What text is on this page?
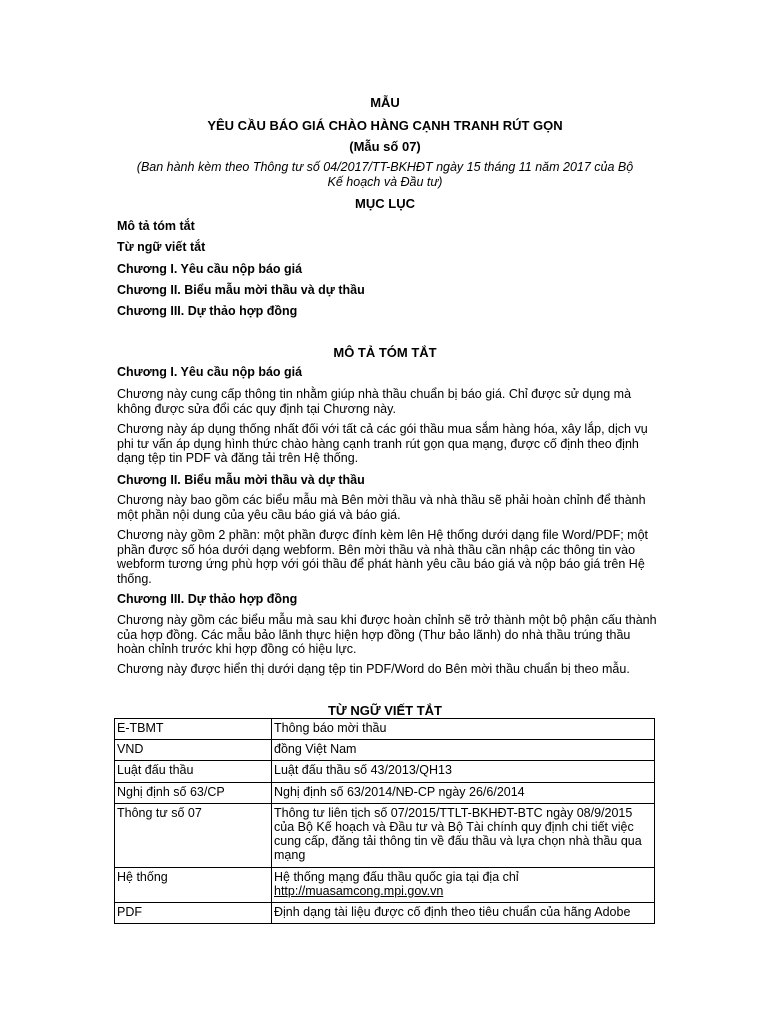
MẪU
YÊU CẦU BÁO GIÁ CHÀO HÀNG CẠNH TRANH RÚT GỌN
(Mẫu số 07)
(Ban hành kèm theo Thông tư số 04/2017/TT-BKHĐT ngày 15 tháng 11 năm 2017 của Bộ
Kế hoạch và Đầu tư)
MỤC LỤC
Mô tả tóm tắt
Từ ngữ viết tắt
Chương I. Yêu cầu nộp báo giá
Chương II. Biểu mẫu mời thầu và dự thầu
Chương III. Dự thảo hợp đồng
MÔ TẢ TÓM TẮT
Chương I. Yêu cầu nộp báo giá
Chương này cung cấp thông tin nhằm giúp nhà thầu chuẩn bị báo giá. Chỉ được sử dụng mà không được sửa đổi các quy định tại Chương này.
Chương này áp dụng thống nhất đối với tất cả các gói thầu mua sắm hàng hóa, xây lắp, dịch vụ phi tư vấn áp dụng hình thức chào hàng cạnh tranh rút gọn qua mạng, được cố định theo định dạng tệp tin PDF và đăng tải trên Hệ thống.
Chương II. Biểu mẫu mời thầu và dự thầu
Chương này bao gồm các biểu mẫu mà Bên mời thầu và nhà thầu sẽ phải hoàn chỉnh để thành một phần nội dung của yêu cầu báo giá và báo giá.
Chương này gồm 2 phần: một phần được đính kèm lên Hệ thống dưới dạng file Word/PDF; một phần được số hóa dưới dạng webform. Bên mời thầu và nhà thầu cần nhập các thông tin vào webform tương ứng phù hợp với gói thầu để phát hành yêu cầu báo giá và nộp báo giá trên Hệ thống.
Chương III. Dự thảo hợp đồng
Chương này gồm các biểu mẫu mà sau khi được hoàn chỉnh sẽ trở thành một bộ phận cấu thành của hợp đồng. Các mẫu bảo lãnh thực hiện hợp đồng (Thư bảo lãnh) do nhà thầu trúng thầu hoàn chỉnh trước khi hợp đồng có hiệu lực.
Chương này được hiển thị dưới dạng tệp tin PDF/Word do Bên mời thầu chuẩn bị theo mẫu.
TỪ NGỮ VIẾT TẮT
E-TBMT	Thông báo mời thầu
VND	đồng Việt Nam
Luật đấu thầu	Luật đấu thầu số 43/2013/QH13
Nghị định số 63/CP	Nghị định số 63/2014/NĐ-CP ngày 26/6/2014
Thông tư số 07	Thông tư liên tịch số 07/2015/TTLT-BKHĐT-BTC ngày 08/9/2015 của Bộ Kế hoạch và Đầu tư và Bộ Tài chính quy định chi tiết việc cung cấp, đăng tải thông tin về đấu thầu và lựa chọn nhà thầu qua mạng
Hệ thống	Hệ thống mạng đấu thầu quốc gia tại địa chỉ
http://muasamcong.mpi.gov.vn

PDF	Định dạng tài liệu được cố định theo tiêu chuẩn của hãng Adobe
